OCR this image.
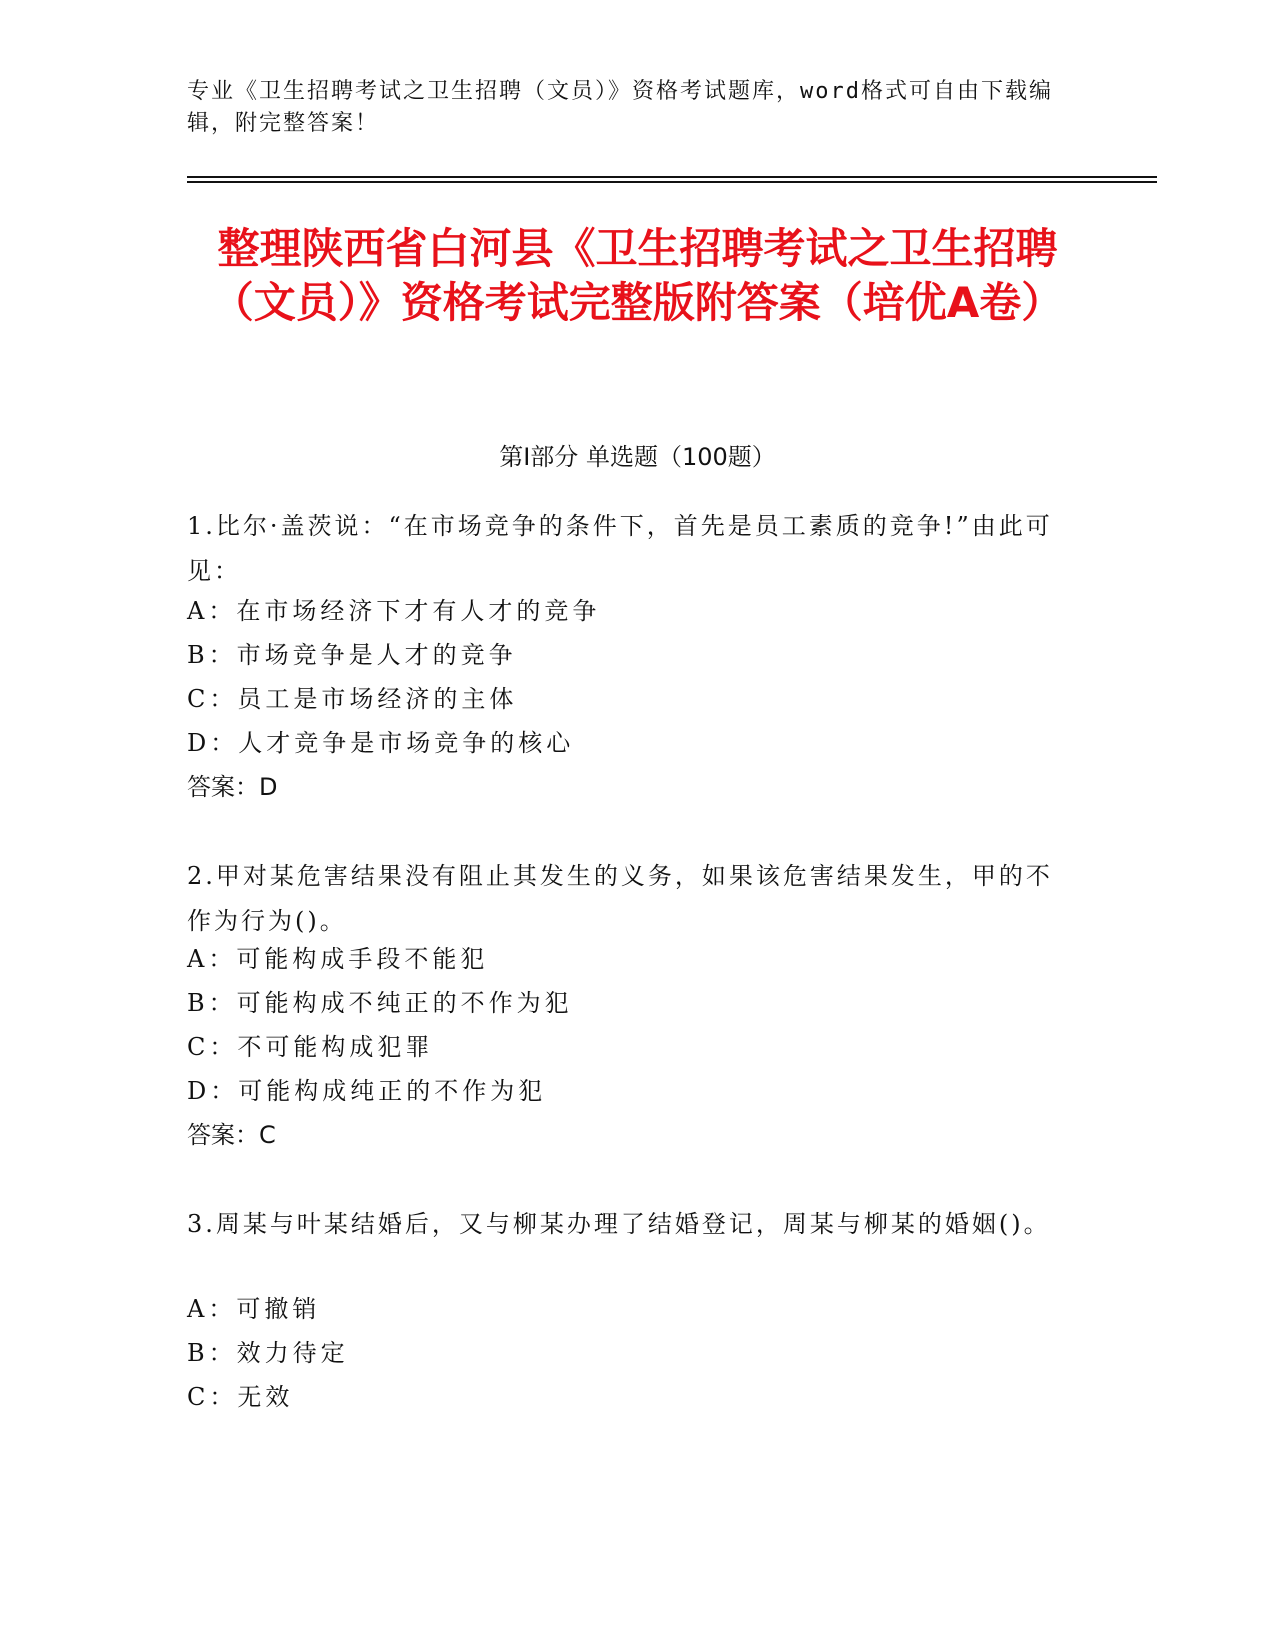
专业《卫生招聘考试之卫生招聘（文员）》资格考试题库，word格式可自由下载编辑，附完整答案！
整理陕西省白河县《卫生招聘考试之卫生招聘（文员）》资格考试完整版附答案（培优A卷）
第Ⅰ部分 单选题（100题）
1.比尔·盖茨说：“在市场竞争的条件下，首先是员工素质的竞争!”由此可见：
A：在市场经济下才有人才的竞争
B：市场竞争是人才的竞争
C：员工是市场经济的主体
D：人才竞争是市场竞争的核心
答案：D
2.甲对某危害结果没有阻止其发生的义务，如果该危害结果发生，甲的不作为行为()。
A：可能构成手段不能犯
B：可能构成不纯正的不作为犯
C：不可能构成犯罪
D：可能构成纯正的不作为犯
答案：C
3.周某与叶某结婚后，又与柳某办理了结婚登记，周某与柳某的婚姻()。
A：可撤销
B：效力待定
C：无效
